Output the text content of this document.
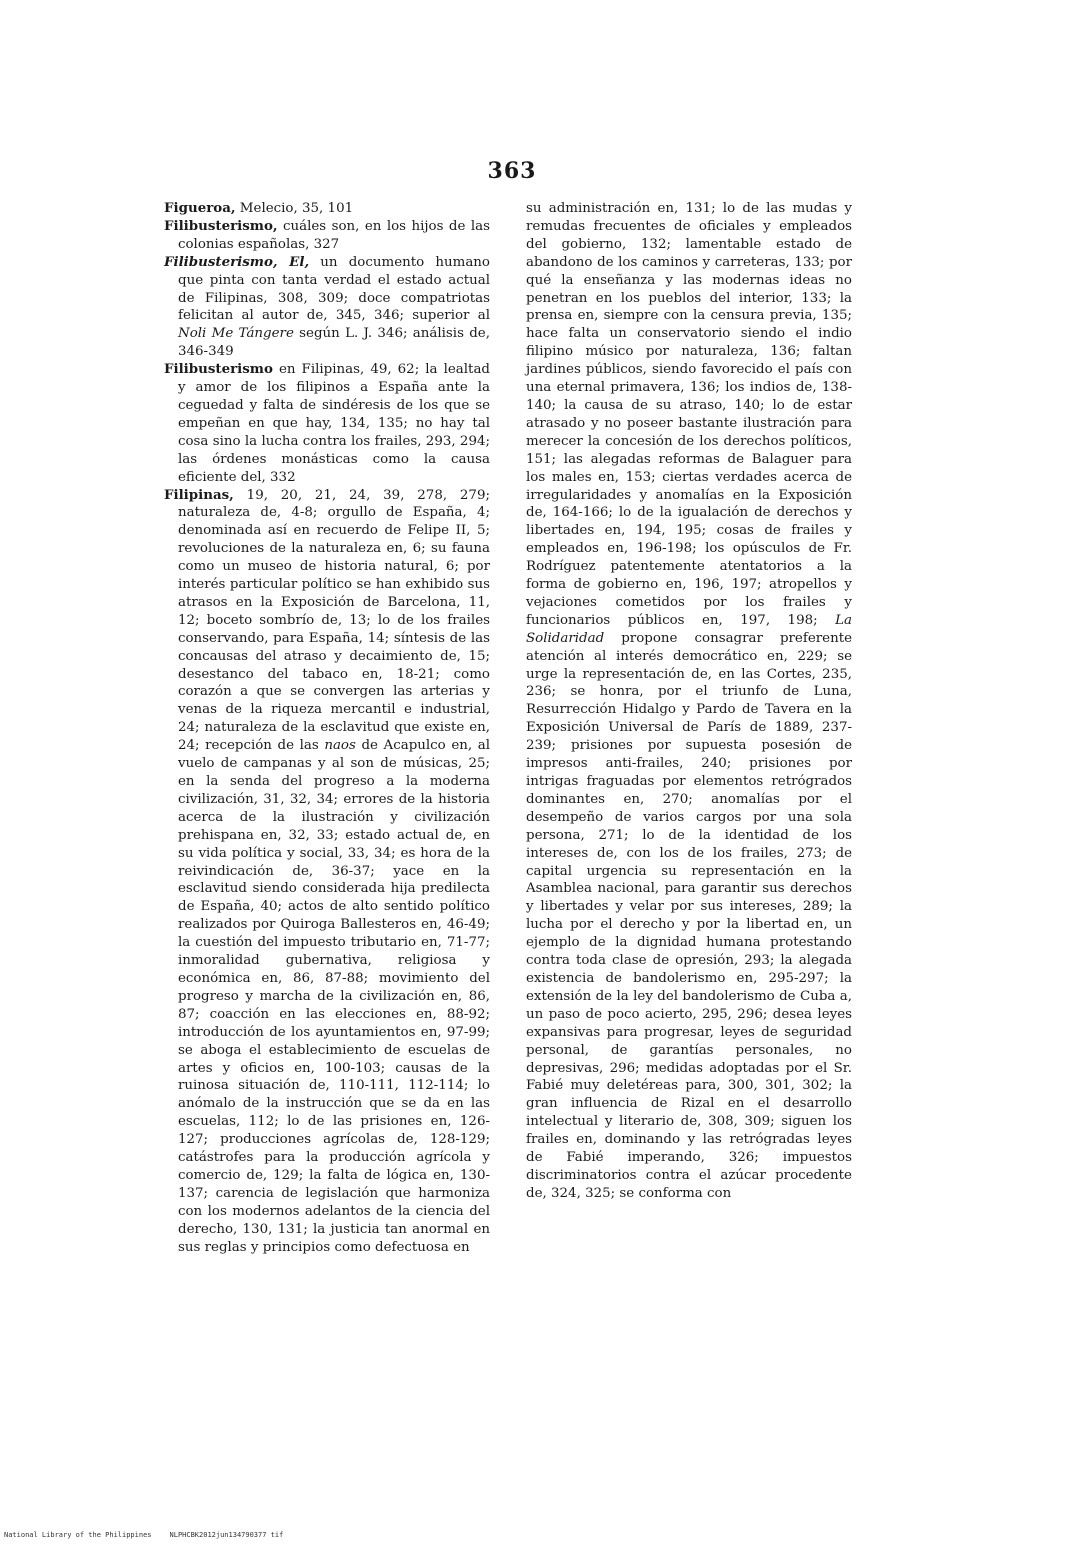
363

Figueroa, Melecio, 35, 101

Filibusterismo, cuáles son, en los hijos de las colonias españolas, 327

Filibusterismo, El, un documento humano que pinta con tanta verdad el estado actual de Filipinas, 308, 309; doce compatriotas felicitan al autor de, 345, 346; superior al Noli Me Tángere según L. J. 346; análisis de, 346-349

Filibusterismo en Filipinas, 49, 62; la lealtad y amor de los filipinos a España ante la ceguedad y falta de sindéresis de los que se empeñan en que hay, 134, 135; no hay tal cosa sino la lucha contra los frailes, 293, 294; las órdenes monásticas como la causa eficiente del, 332

Filipinas, 19, 20, 21, 24, 39, 278, 279; naturaleza de, 4-8; orgullo de España, 4; denominada así en recuerdo de Felipe II, 5; revoluciones de la naturaleza en, 6; su fauna como un museo de historia natural, 6; por interés particular político se han exhibido sus atrasos en la Exposición de Barcelona, 11, 12; boceto sombrío de, 13; lo de los frailes conservando, para España, 14; síntesis de las concausas del atraso y decaimiento de, 15; desestanco del tabaco en, 18-21; como corazón a que se convergen las arterias y venas de la riqueza mercantil e industrial, 24; naturaleza de la esclavitud que existe en, 24; recepción de las naos de Acapulco en, al vuelo de campanas y al son de músicas, 25; en la senda del progreso a la moderna civilización, 31, 32, 34; errores de la historia acerca de la ilustración y civilización prehispana en, 32, 33; estado actual de, en su vida política y social, 33, 34; es hora de la reivindicación de, 36-37; yace en la esclavitud siendo considerada hija predilecta de España, 40; actos de alto sentido político realizados por Quiroga Ballesteros en, 46-49; la cuestión del impuesto tributario en, 71-77; inmoralidad gubernativa, religiosa y económica en, 86, 87-88; movimiento del progreso y marcha de la civilización en, 86, 87; coacción en las elecciones en, 88-92; introducción de los ayuntamientos en, 97-99; se aboga el establecimiento de escuelas de artes y oficios en, 100-103; causas de la ruinosa situación de, 110-111, 112-114; lo anómalo de la instrucción que se da en las escuelas, 112; lo de las prisiones en, 126-127; producciones agrícolas de, 128-129; catástrofes para la producción agrícola y comercio de, 129; la falta de lógica en, 130-137; carencia de legislación que harmoniza con los modernos adelantos de la ciencia del derecho, 130, 131; la justicia tan anormal en sus reglas y principios como defectuosa en

su administración en, 131; lo de las mudas y remudas frecuentes de oficiales y empleados del gobierno, 132; lamentable estado de abandono de los caminos y carreteras, 133; por qué la enseñanza y las modernas ideas no penetran en los pueblos del interior, 133; la prensa en, siempre con la censura previa, 135; hace falta un conservatorio siendo el indio filipino músico por naturaleza, 136; faltan jardines públicos, siendo favorecido el país con una eternal primavera, 136; los indios de, 138-140; la causa de su atraso, 140; lo de estar atrasado y no poseer bastante ilustración para merecer la concesión de los derechos políticos, 151; las alegadas reformas de Balaguer para los males en, 153; ciertas verdades acerca de irregularidades y anomalías en la Exposición de, 164-166; lo de la igualación de derechos y libertades en, 194, 195; cosas de frailes y empleados en, 196-198; los opúsculos de Fr. Rodríguez patentemente atentatorios a la forma de gobierno en, 196, 197; atropellos y vejaciones cometidos por los frailes y funcionarios públicos en, 197, 198; La Solidaridad propone consagrar preferente atención al interés democrático en, 229; se urge la representación de, en las Cortes, 235, 236; se honra, por el triunfo de Luna, Resurrección Hidalgo y Pardo de Tavera en la Exposición Universal de París de 1889, 237-239; prisiones por supuesta posesión de impresos anti-frailes, 240; prisiones por intrigas fraguadas por elementos retrógrados dominantes en, 270; anomalías por el desempeño de varios cargos por una sola persona, 271; lo de la identidad de los intereses de, con los de los frailes, 273; de capital urgencia su representación en la Asamblea nacional, para garantir sus derechos y libertades y velar por sus intereses, 289; la lucha por el derecho y por la libertad en, un ejemplo de la dignidad humana protestando contra toda clase de opresión, 293; la alegada existencia de bandolerismo en, 295-297; la extensión de la ley del bandolerismo de Cuba a, un paso de poco acierto, 295, 296; desea leyes expansivas para progresar, leyes de seguridad personal, de garantías personales, no depresivas, 296; medidas adoptadas por el Sr. Fabié muy deletéreas para, 300, 301, 302; la gran influencia de Rizal en el desarrollo intelectual y literario de, 308, 309; siguen los frailes en, dominando y las retrógradas leyes de Fabié imperando, 326; impuestos discriminatorios contra el azúcar procedente de, 324, 325; se conforma con

National Library of the Philippines	NLPHCBK2012jun134790377 tif
